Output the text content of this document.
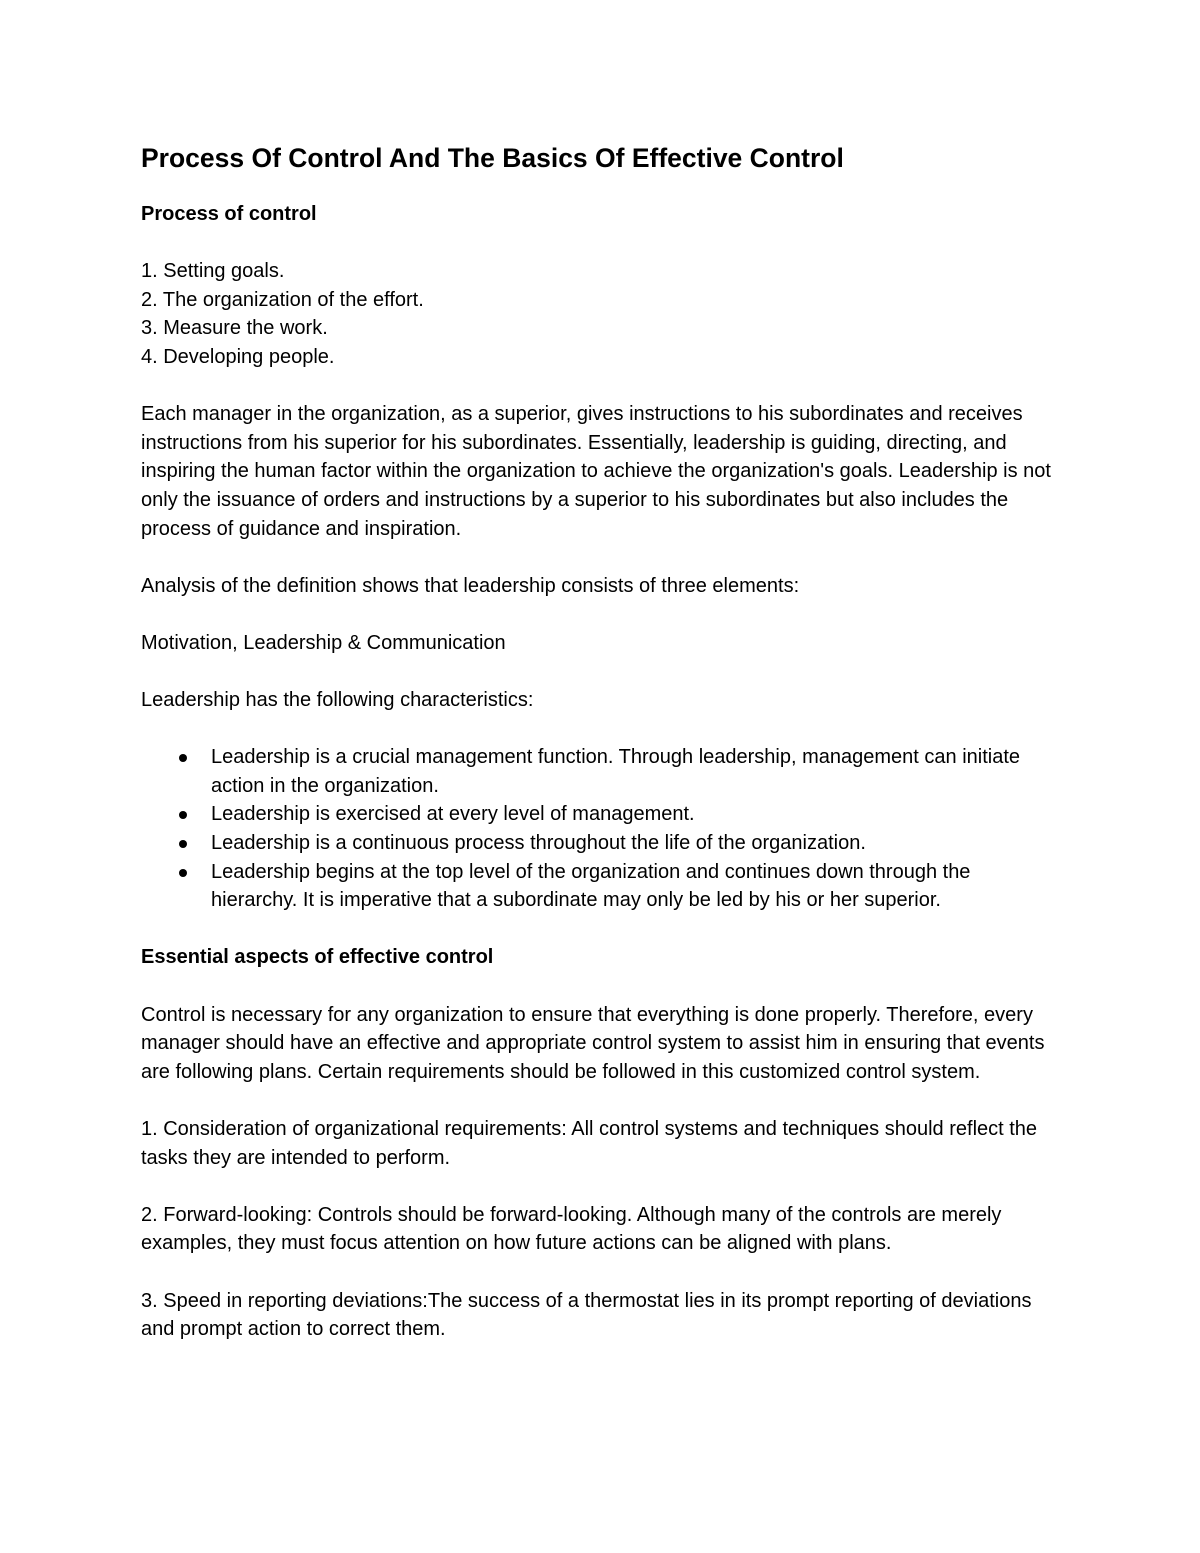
Process Of Control And The Basics Of Effective Control
Process of control
1. Setting goals.
2. The organization of the effort.
3. Measure the work.
4. Developing people.

Each manager in the organization, as a superior, gives instructions to his subordinates and receives instructions from his superior for his subordinates. Essentially, leadership is guiding, directing, and inspiring the human factor within the organization to achieve the organization's goals. Leadership is not only the issuance of orders and instructions by a superior to his subordinates but also includes the process of guidance and inspiration.

Analysis of the definition shows that leadership consists of three elements:

Motivation, Leadership & Communication

Leadership has the following characteristics:

Leadership is a crucial management function. Through leadership, management can initiate action in the organization.
Leadership is exercised at every level of management.
Leadership is a continuous process throughout the life of the organization.
Leadership begins at the top level of the organization and continues down through the hierarchy. It is imperative that a subordinate may only be led by his or her superior.
Essential aspects of effective control

Control is necessary for any organization to ensure that everything is done properly. Therefore, every manager should have an effective and appropriate control system to assist him in ensuring that events are following plans. Certain requirements should be followed in this customized control system.

1. Consideration of organizational requirements: All control systems and techniques should reflect the tasks they are intended to perform.

2. Forward-looking: Controls should be forward-looking. Although many of the controls are merely examples, they must focus attention on how future actions can be aligned with plans.

3. Speed in reporting deviations:The success of a thermostat lies in its prompt reporting of deviations and prompt action to correct them.
